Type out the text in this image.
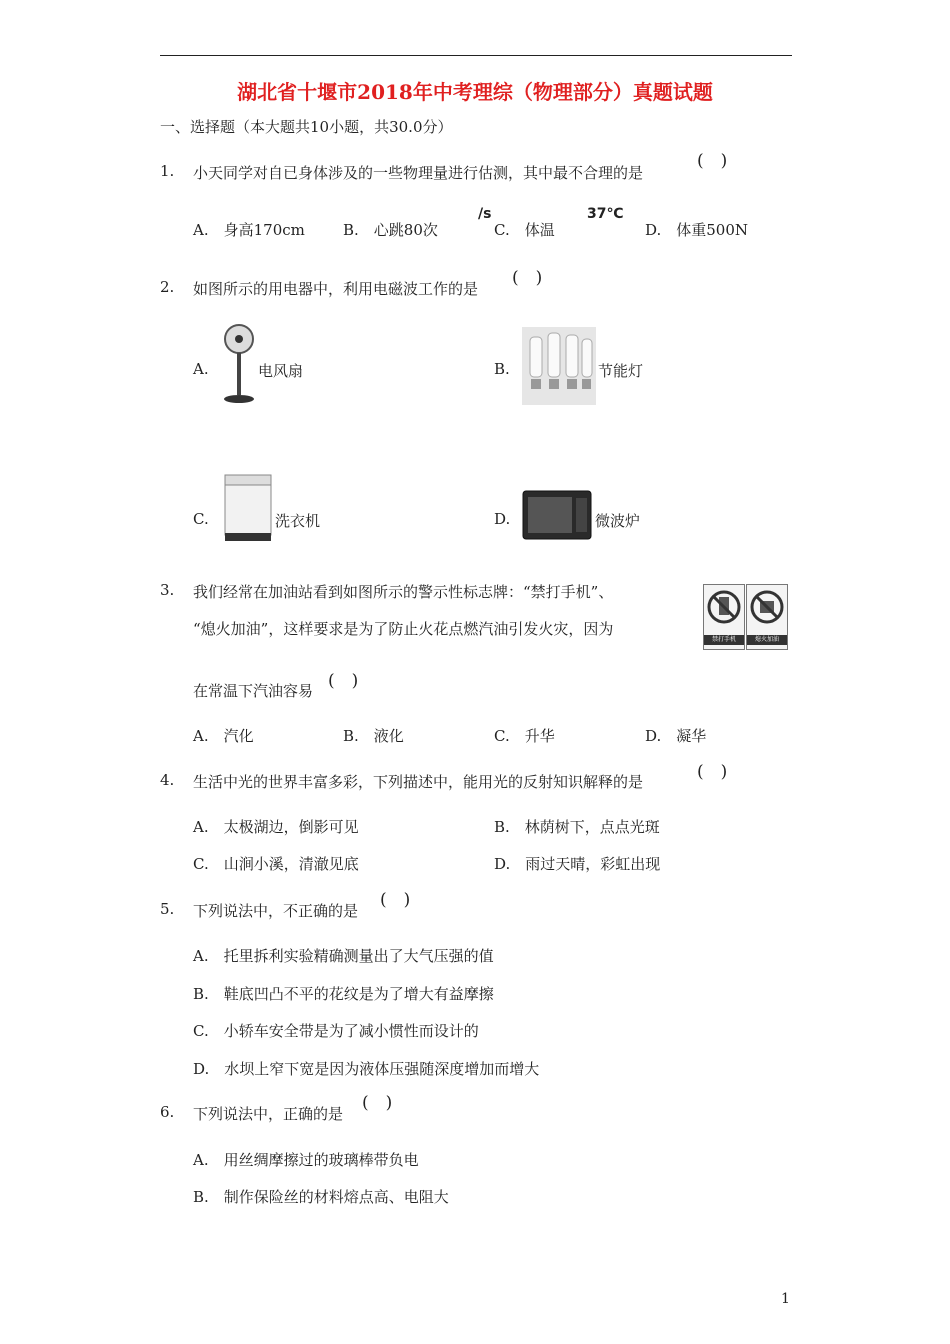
湖北省十堰市2018年中考理综（物理部分）真题试题
一、选择题（本大题共10小题，共30.0分）
1. 小天同学对自已身体涉及的一些物理量进行估测，其中最不合理的是
(　)
A.　身高170cm	B.　心跳80次
/s
C.　体温
37℃
D.　体重500N
2. 如图所示的用电器中，利用电磁波工作的是
(　)
A.	电风扇	B.	节能灯
C.	洗衣机	D.	微波炉
3. 我们经常在加油站看到如图所示的警示性标志牌：“禁打手机”、
“熄火加油”，这样要求是为了防止火花点燃汽油引发火灾，因为
在常温下汽油容易 (　)
禁打手机	熄火加油
A.　汽化	B.　液化	C.　升华	D.　凝华
4. 生活中光的世界丰富多彩，下列描述中，能用光的反射知识解释的是	(　)
A.　太极湖边，倒影可见	B.　林荫树下，点点光斑
C.　山涧小溪，清澈见底	D.　雨过天晴，彩虹出现
5. 下列说法中，不正确的是
(　)
A.　托里拆利实验精确测量出了大气压强的值
B.　鞋底凹凸不平的花纹是为了增大有益摩擦
C.　小轿车安全带是为了减小惯性而设计的
D.　水坝上窄下宽是因为液体压强随深度增加而增大
6. 下列说法中，正确的是
(　)
A.　用丝绸摩擦过的玻璃棒带负电
B.　制作保险丝的材料熔点高、电阻大
1
